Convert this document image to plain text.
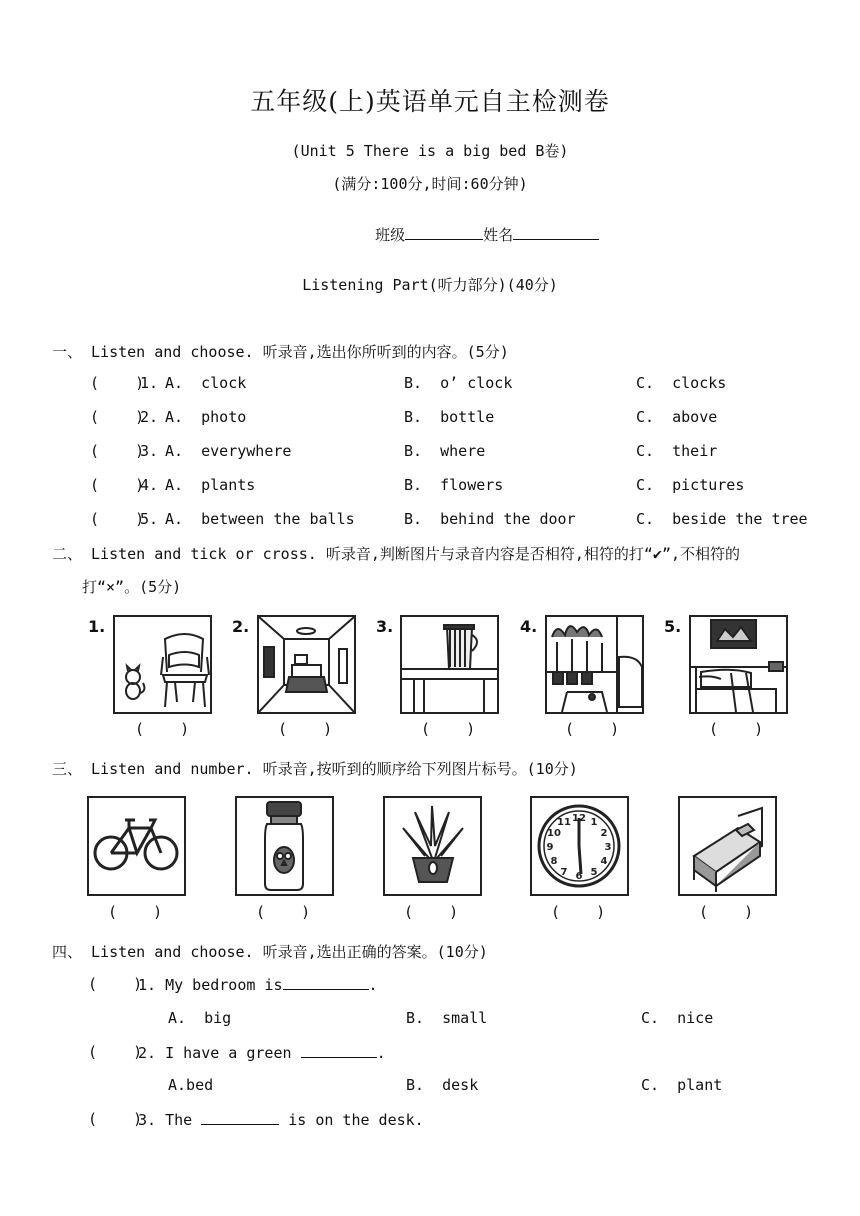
五年级(上)英语单元自主检测卷
(Unit 5 There is a big bed B卷)
(满分:100分,时间:60分钟)

班级	姓名

Listening Part(听力部分)(40分)
一、 Listen and choose. 听录音,选出你所听到的内容。(5分)
(    )
1. A.  clock	B.  o’ clock	C.  clocks
(    )
2. A.  photo	B.  bottle	C.  above
(    )
3. A.  everywhere	B.  where	C.  their
(    )
4. A.  plants	B.  flowers	C.  pictures
(    )
5. A.  between the balls	B.  behind the door	C.  beside the tree
二、 Listen and tick or cross. 听录音,判断图片与录音内容是否相符,相符的打“✔”,不相符的
打“×”。(5分)
1.
(    )
2.
(    )
3.
(    )
4.
(    )
5.
(    )
三、 Listen and number. 听录音,按听到的顺序给下列图片标号。(10分)
(    )	(    )	(    )
12 1
2
3
4
5
6
7
8
9
10
11
(    )	(    )
四、 Listen and choose. 听录音,选出正确的答案。(10分)
(    )
1. My bedroom is	.
A.  big	B.  small	C.  nice
(    )
2. I have a green	.
A.bed	B.  desk	C.  plant
(    )
3. The	is on the desk.
